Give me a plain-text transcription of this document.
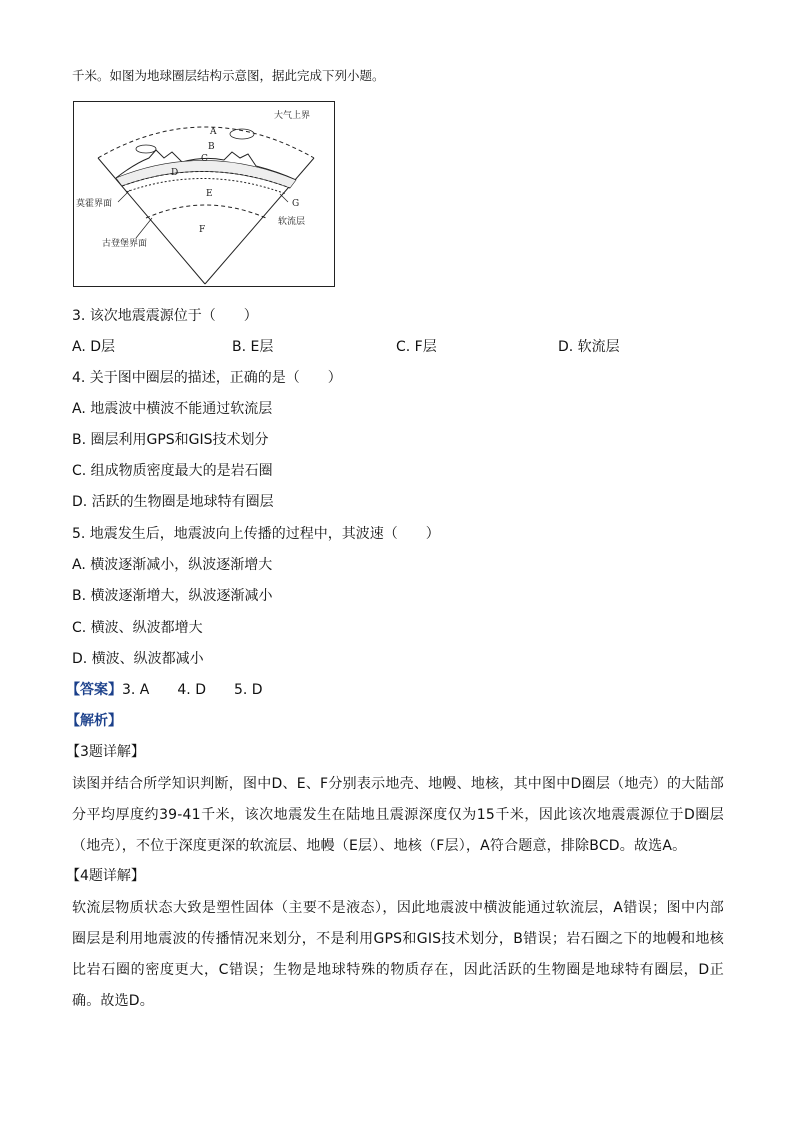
千米。如图为地球圈层结构示意图，据此完成下列小题。
A
B
C
D
E
F
G
大气上界
莫霍界面
古登堡界面
软流层
3. 该次地震震源位于（　　）
A. D层	B. E层	C. F层	D. 软流层
4. 关于图中圈层的描述，正确的是（　　）
A. 地震波中横波不能通过软流层
B. 圈层利用GPS和GIS技术划分
C. 组成物质密度最大的是岩石圈
D. 活跃的生物圈是地球特有圈层
5. 地震发生后，地震波向上传播的过程中，其波速（　　）
A. 横波逐渐减小，纵波逐渐增大
B. 横波逐渐增大，纵波逐渐减小
C. 横波、纵波都增大
D. 横波、纵波都减小
【答案】3. A　　4. D　　5. D
【解析】
【3题详解】
读图并结合所学知识判断，图中D、E、F分别表示地壳、地幔、地核，其中图中D圈层（地壳）的大陆部分平均厚度约39-41千米，该次地震发生在陆地且震源深度仅为15千米，因此该次地震震源位于D圈层（地壳），不位于深度更深的软流层、地幔（E层）、地核（F层），A符合题意，排除BCD。故选A。
【4题详解】
软流层物质状态大致是塑性固体（主要不是液态），因此地震波中横波能通过软流层，A错误；图中内部圈层是利用地震波的传播情况来划分，不是利用GPS和GIS技术划分，B错误；岩石圈之下的地幔和地核比岩石圈的密度更大，C错误；生物是地球特殊的物质存在，因此活跃的生物圈是地球特有圈层，D正确。故选D。
